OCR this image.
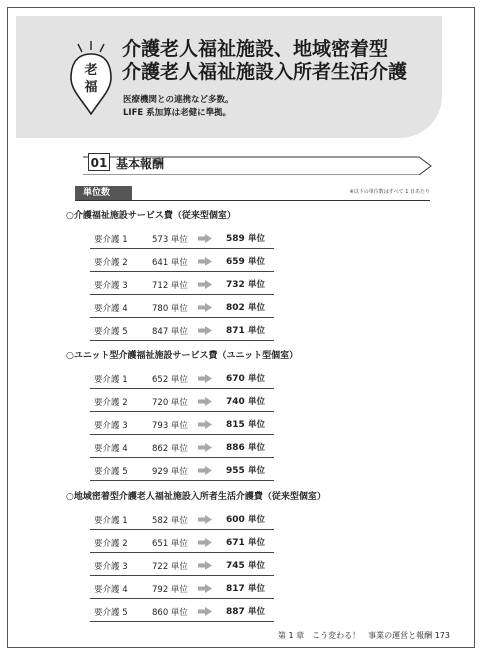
老
福
介護老人福祉施設、地域密着型
介護老人福祉施設入所者生活介護
医療機関との連携など多数。
LIFE 系加算は老健に準拠。
01 基本報酬
単位数	※以下の単位数はすべて 1 日あたり
○介護福祉施設サービス費（従来型個室）
要介護 1	573 単位	589 単位
要介護 2	641 単位	659 単位
要介護 3	712 単位	732 単位
要介護 4	780 単位	802 単位
要介護 5	847 単位	871 単位
○ユニット型介護福祉施設サービス費（ユニット型個室）
要介護 1	652 単位	670 単位
要介護 2	720 単位	740 単位
要介護 3	793 単位	815 単位
要介護 4	862 単位	886 単位
要介護 5	929 単位	955 単位
○地域密着型介護老人福祉施設入所者生活介護費（従来型個室）
要介護 1	582 単位	600 単位
要介護 2	651 単位	671 単位
要介護 3	722 単位	745 単位
要介護 4	792 単位	817 単位
要介護 5	860 単位	887 単位
第 1 章　こう変わる！　事業の運営と報酬 173
